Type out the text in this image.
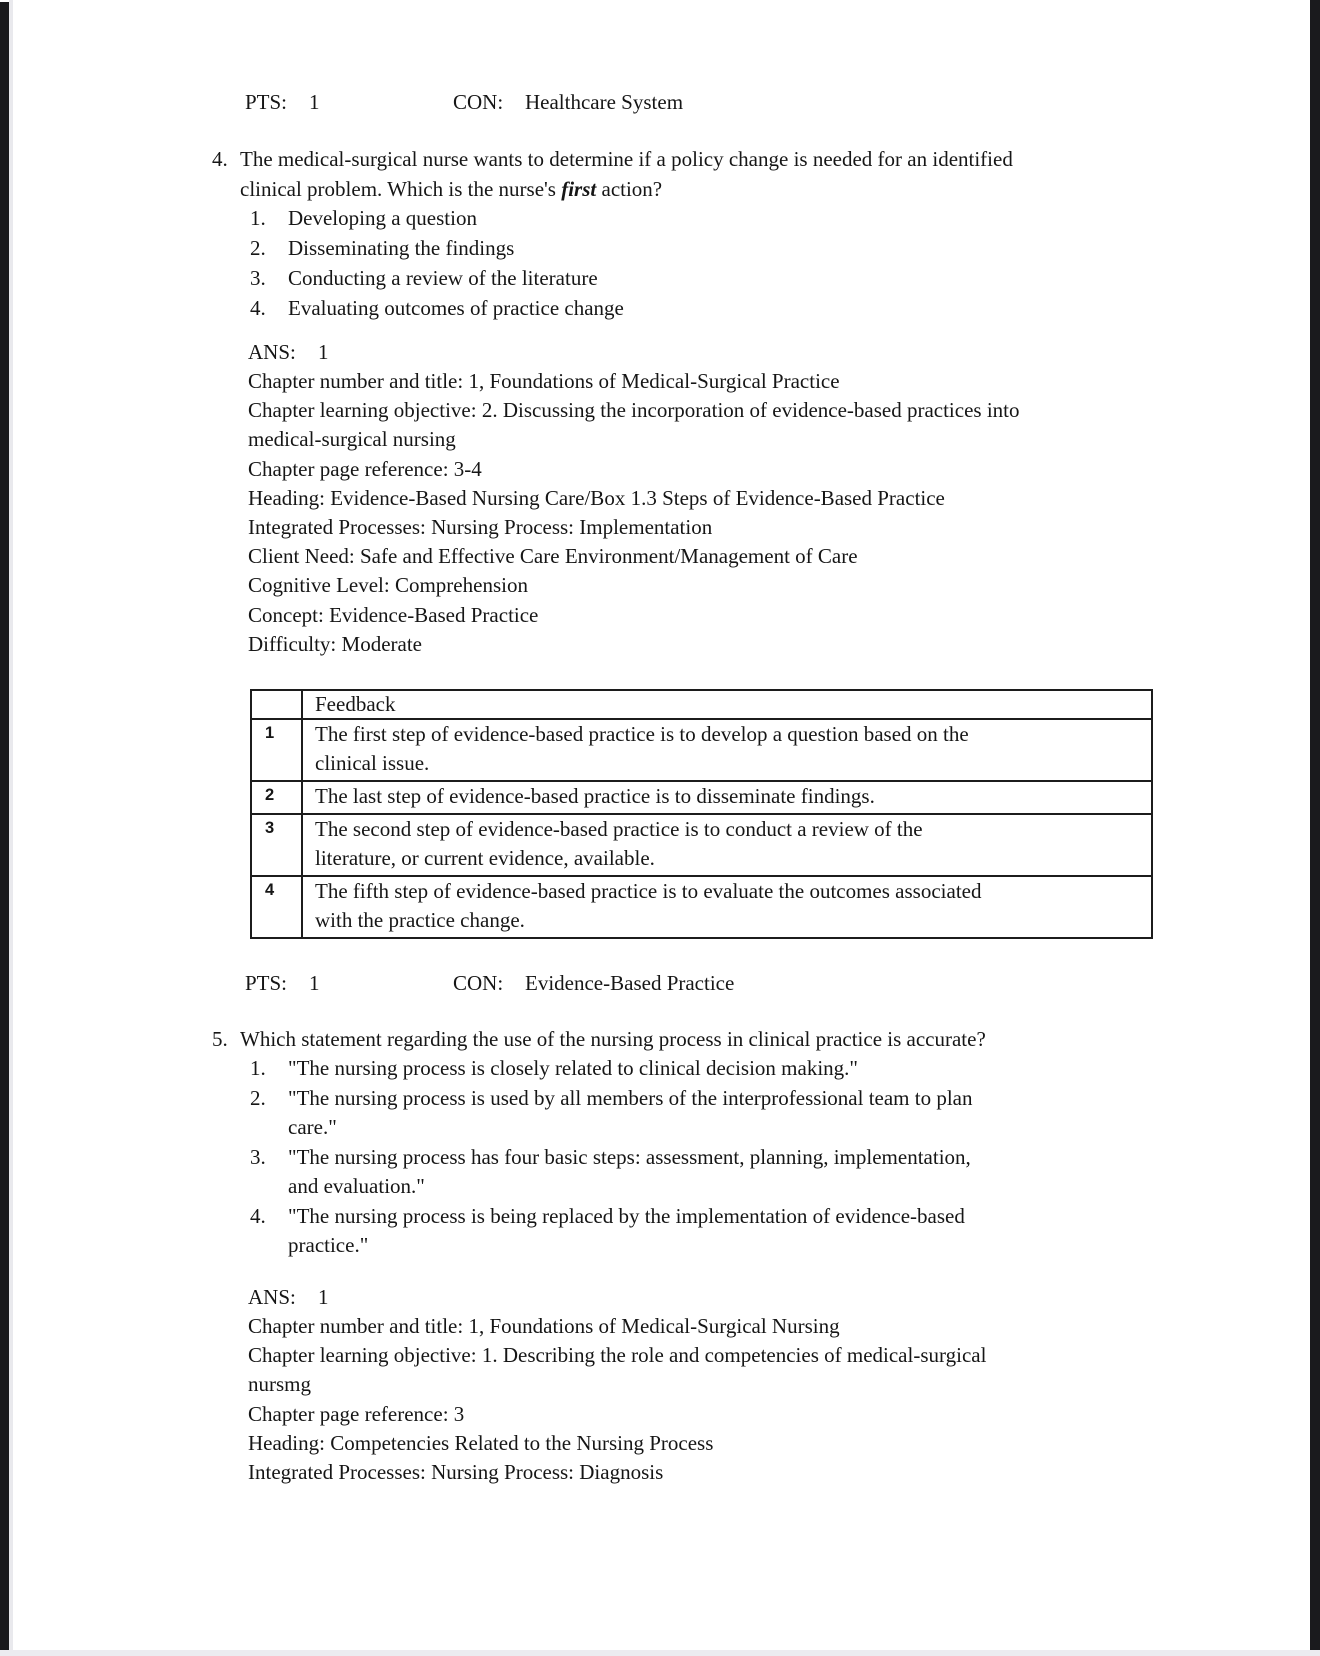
PTS:

1

	CON:

Healthcare System

4.

The medical-surgical nurse wants to determine if a policy change is needed for an identified

clinical problem. Which is the nurse's first action?

1.

Developing a question

2.

Disseminating the findings

3.

Conducting a review of the literature

4.

Evaluating outcomes of practice change

ANS:

1

Chapter number and title: 1, Foundations of Medical-Surgical Practice
Chapter learning objective: 2. Discussing the incorporation of evidence-based practices into
medical-surgical nursing
Chapter page reference: 3-4
Heading: Evidence-Based Nursing Care/Box 1.3 Steps of Evidence-Based Practice
Integrated Processes: Nursing Process: Implementation
Client Need: Safe and Effective Care Environment/Management of Care
Cognitive Level: Comprehension
Concept: Evidence-Based Practice
Difficulty: Moderate
	Feedback
1	The first step of evidence-based practice is to develop a question based on the
clinical issue.

2	The last step of evidence-based practice is to disseminate findings.

3	The second step of evidence-based practice is to conduct a review of the
literature, or current evidence, available.

4	The fifth step of evidence-based practice is to evaluate the outcomes associated
with the practice change.

PTS:

1

	CON:

Evidence-Based Practice

5.

Which statement regarding the use of the nursing process in clinical practice is accurate?

1.

"The nursing process is closely related to clinical decision making."

2.

"The nursing process is used by all members of the interprofessional team to plan

care."

3.

"The nursing process has four basic steps: assessment, planning, implementation,

and evaluation."

4.

"The nursing process is being replaced by the implementation of evidence-based

practice."

ANS:

1

Chapter number and title: 1, Foundations of Medical-Surgical Nursing
Chapter learning objective: 1. Describing the role and competencies of medical-surgical
nursmg
Chapter page reference: 3
Heading: Competencies Related to the Nursing Process
Integrated Processes: Nursing Process: Diagnosis
